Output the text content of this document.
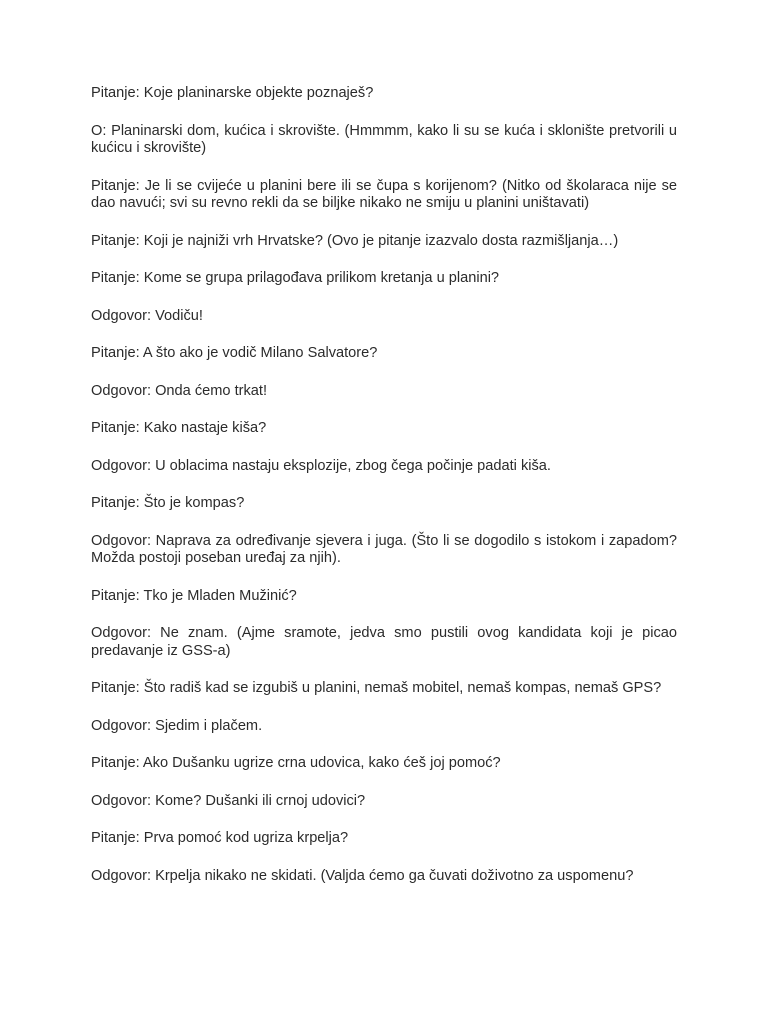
Pitanje: Koje planinarske objekte poznaješ?

O: Planinarski dom, kućica i skrovište. (Hmmmm, kako li su se kuća i sklonište pretvorili u kućicu i skrovište)

Pitanje: Je li se cvijeće u planini bere ili se čupa s korijenom? (Nitko od školaraca nije se dao navući; svi su revno rekli da se biljke nikako ne smiju u planini uništavati)

Pitanje: Koji je najniži vrh Hrvatske? (Ovo je pitanje izazvalo dosta razmišljanja…)

Pitanje: Kome se grupa prilagođava prilikom kretanja u planini?

Odgovor: Vodiču!

Pitanje: A što ako je vodič Milano Salvatore?

Odgovor: Onda ćemo trkat!

Pitanje: Kako nastaje kiša?

Odgovor: U oblacima nastaju eksplozije, zbog čega počinje padati kiša.

Pitanje: Što je kompas?

Odgovor: Naprava za određivanje sjevera i juga. (Što li se dogodilo s istokom i zapadom? Možda postoji poseban uređaj za njih).

Pitanje: Tko je Mladen Mužinić?

Odgovor: Ne znam. (Ajme sramote, jedva smo pustili ovog kandidata koji je picao predavanje iz GSS-a)

Pitanje: Što radiš kad se izgubiš u planini, nemaš mobitel, nemaš kompas, nemaš GPS?

Odgovor: Sjedim i plačem.

Pitanje: Ako Dušanku ugrize crna udovica, kako ćeš joj pomoć?

Odgovor: Kome? Dušanki ili crnoj udovici?

Pitanje: Prva pomoć kod ugriza krpelja?

Odgovor: Krpelja nikako ne skidati. (Valjda ćemo ga čuvati doživotno za uspomenu?
